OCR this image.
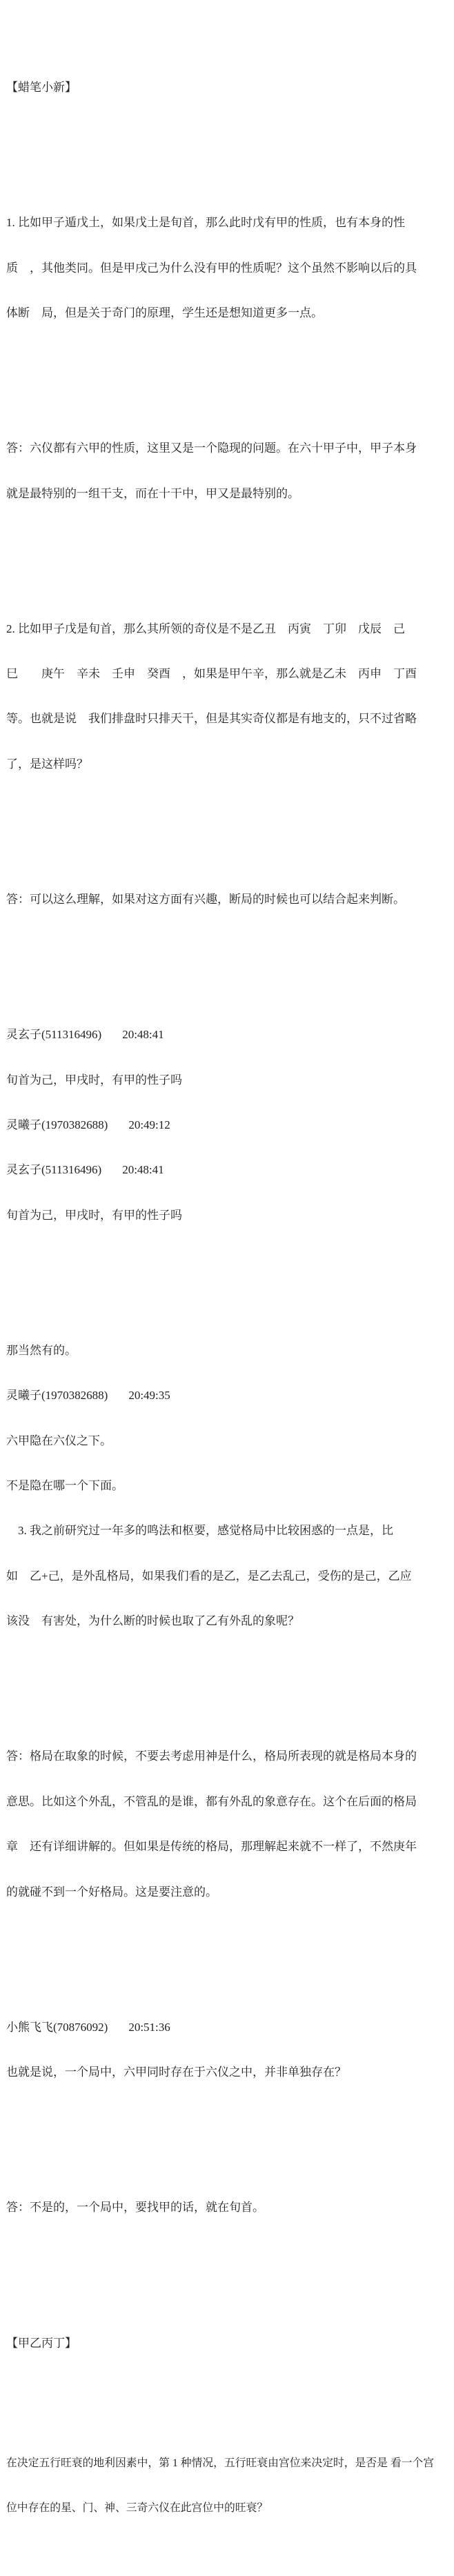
【蜡笔小新】

1. 比如甲子遁戊土，如果戊土是旬首，那么此时戊有甲的性质，也有本身的性

质　，其他类同。但是甲戌己为什么没有甲的性质呢？这个虽然不影响以后的具

体断　局，但是关于奇门的原理，学生还是想知道更多一点。

答：六仪都有六甲的性质，这里又是一个隐现的问题。在六十甲子中，甲子本身

就是最特别的一组干支，而在十干中，甲又是最特别的。

2. 比如甲子戊是旬首，那么其所领的奇仪是不是乙丑　丙寅　丁卯　戊辰　己

巳　　庚午　辛未　壬申　癸酉　，如果是甲午辛，那么就是乙未　丙申　丁酉

等。也就是说　我们排盘时只排天干，但是其实奇仪都是有地支的，只不过省略

了，是这样吗？

答：可以这么理解，如果对这方面有兴趣，断局的时候也可以结合起来判断。

灵玄子(511316496) 20:48:41

旬首为己，甲戌时，有甲的性子吗

灵曦子(1970382688) 20:49:12

灵玄子(511316496) 20:48:41

旬首为己，甲戌时，有甲的性子吗

那当然有的。

灵曦子(1970382688) 20:49:35

六甲隐在六仪之下。

不是隐在哪一个下面。

　3. 我之前研究过一年多的鸣法和枢要，感觉格局中比较困惑的一点是，比

如　乙+己，是外乱格局，如果我们看的是乙，是乙去乱己，受伤的是己，乙应

该没　有害处，为什么断的时候也取了乙有外乱的象呢？

答：格局在取象的时候，不要去考虑用神是什么，格局所表现的就是格局本身的

意思。比如这个外乱，不管乱的是谁，都有外乱的象意存在。这个在后面的格局

章　还有详细讲解的。但如果是传统的格局，那理解起来就不一样了，不然庚年

的就碰不到一个好格局。这是要注意的。

小熊飞飞(70876092) 20:51:36

也就是说，一个局中，六甲同时存在于六仪之中，并非单独存在？

答：不是的，一个局中，要找甲的话，就在旬首。

【甲乙丙丁】

在决定五行旺衰的地利因素中，第 1 种情况，五行旺衰由宫位来决定时，是否是 看一个宫

位中存在的星、门、神、三奇六仪在此宫位中的旺衰？
